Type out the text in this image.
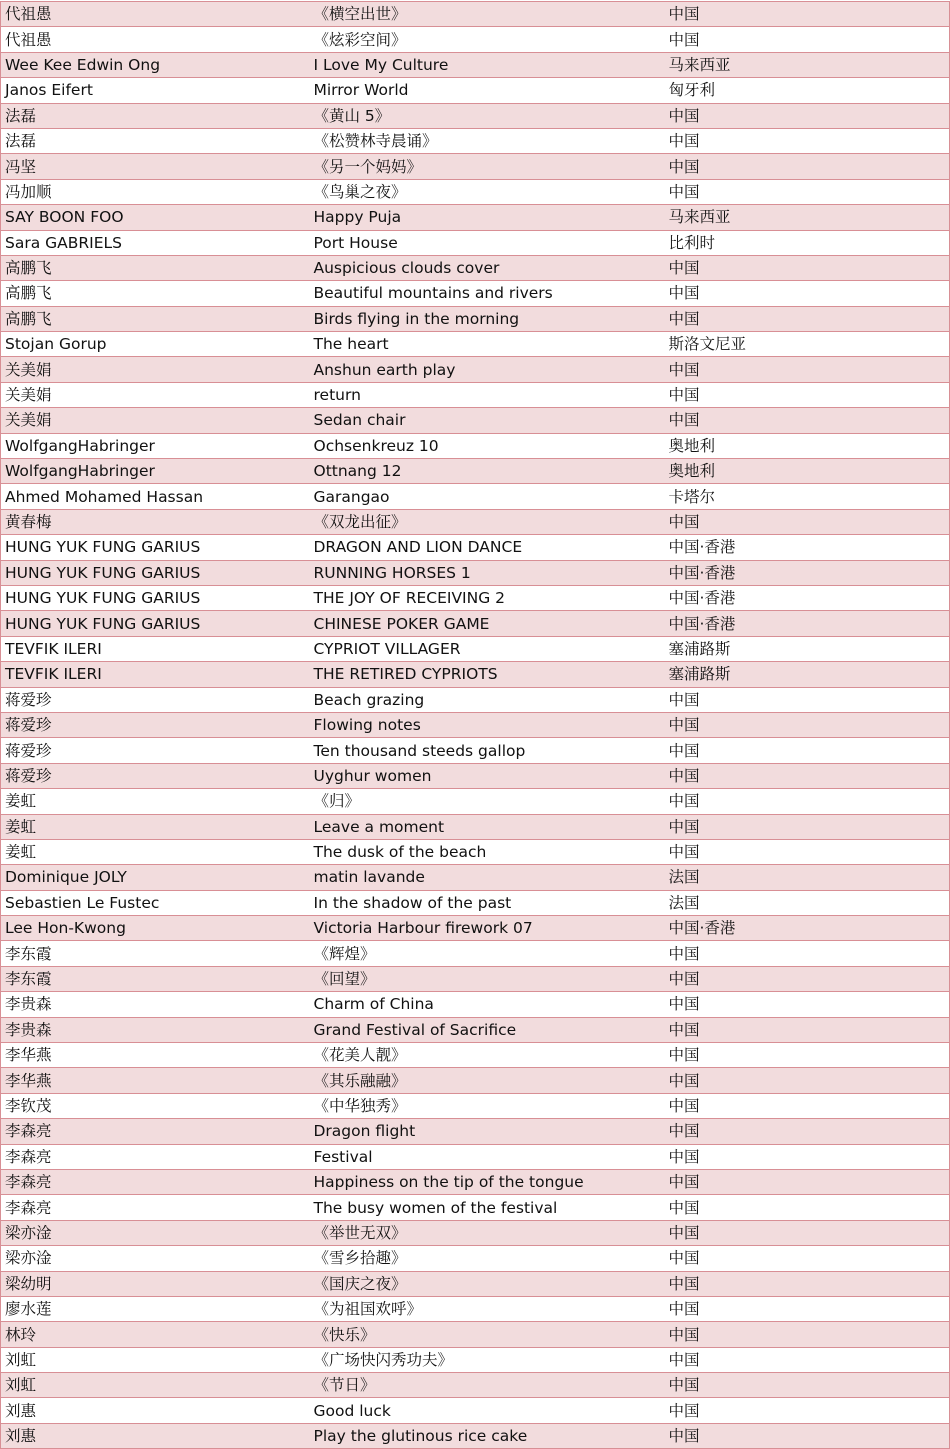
代祖愚	《横空出世》	中国
代祖愚	《炫彩空间》	中国
Wee Kee Edwin Ong	I Love My Culture	马来西亚
Janos Eifert	Mirror World	匈牙利
法磊	《黄山 5》	中国
法磊	《松赞林寺晨诵》	中国
冯坚	《另一个妈妈》	中国
冯加顺	《鸟巢之夜》	中国
SAY BOON FOO	Happy Puja	马来西亚
Sara GABRIELS	Port House	比利时
高鹏飞	Auspicious clouds cover	中国
高鹏飞	Beautiful mountains and rivers	中国
高鹏飞	Birds flying in the morning	中国
Stojan Gorup	The heart	斯洛文尼亚
关美娟	Anshun earth play	中国
关美娟	return	中国
关美娟	Sedan chair	中国
WolfgangHabringer	Ochsenkreuz 10	奥地利
WolfgangHabringer	Ottnang 12	奥地利
Ahmed Mohamed Hassan	Garangao	卡塔尔
黄春梅	《双龙出征》	中国
HUNG YUK FUNG GARIUS	DRAGON AND LION DANCE	中国·香港
HUNG YUK FUNG GARIUS	RUNNING HORSES 1	中国·香港
HUNG YUK FUNG GARIUS	THE JOY OF RECEIVING 2	中国·香港
HUNG YUK FUNG GARIUS	CHINESE POKER GAME	中国·香港
TEVFIK ILERI	CYPRIOT VILLAGER	塞浦路斯
TEVFIK ILERI	THE RETIRED CYPRIOTS	塞浦路斯
蒋爱珍	Beach grazing	中国
蒋爱珍	Flowing notes	中国
蒋爱珍	Ten thousand steeds gallop	中国
蒋爱珍	Uyghur women	中国
姜虹	《归》	中国
姜虹	Leave a moment	中国
姜虹	The dusk of the beach	中国
Dominique JOLY	matin lavande	法国
Sebastien Le Fustec	In the shadow of the past	法国
Lee Hon-Kwong	Victoria Harbour firework 07	中国·香港
李东霞	《辉煌》	中国
李东霞	《回望》	中国
李贵森	Charm of China	中国
李贵森	Grand Festival of Sacrifice	中国
李华燕	《花美人靓》	中国
李华燕	《其乐融融》	中国
李钦茂	《中华独秀》	中国
李森亮	Dragon flight	中国
李森亮	Festival	中国
李森亮	Happiness on the tip of the tongue	中国
李森亮	The busy women of the festival	中国
梁亦淦	《举世无双》	中国
梁亦淦	《雪乡拾趣》	中国
梁幼明	《国庆之夜》	中国
廖水莲	《为祖国欢呼》	中国
林玲	《快乐》	中国
刘虹	《广场快闪秀功夫》	中国
刘虹	《节日》	中国
刘惠	Good luck	中国
刘惠	Play the glutinous rice cake	中国
